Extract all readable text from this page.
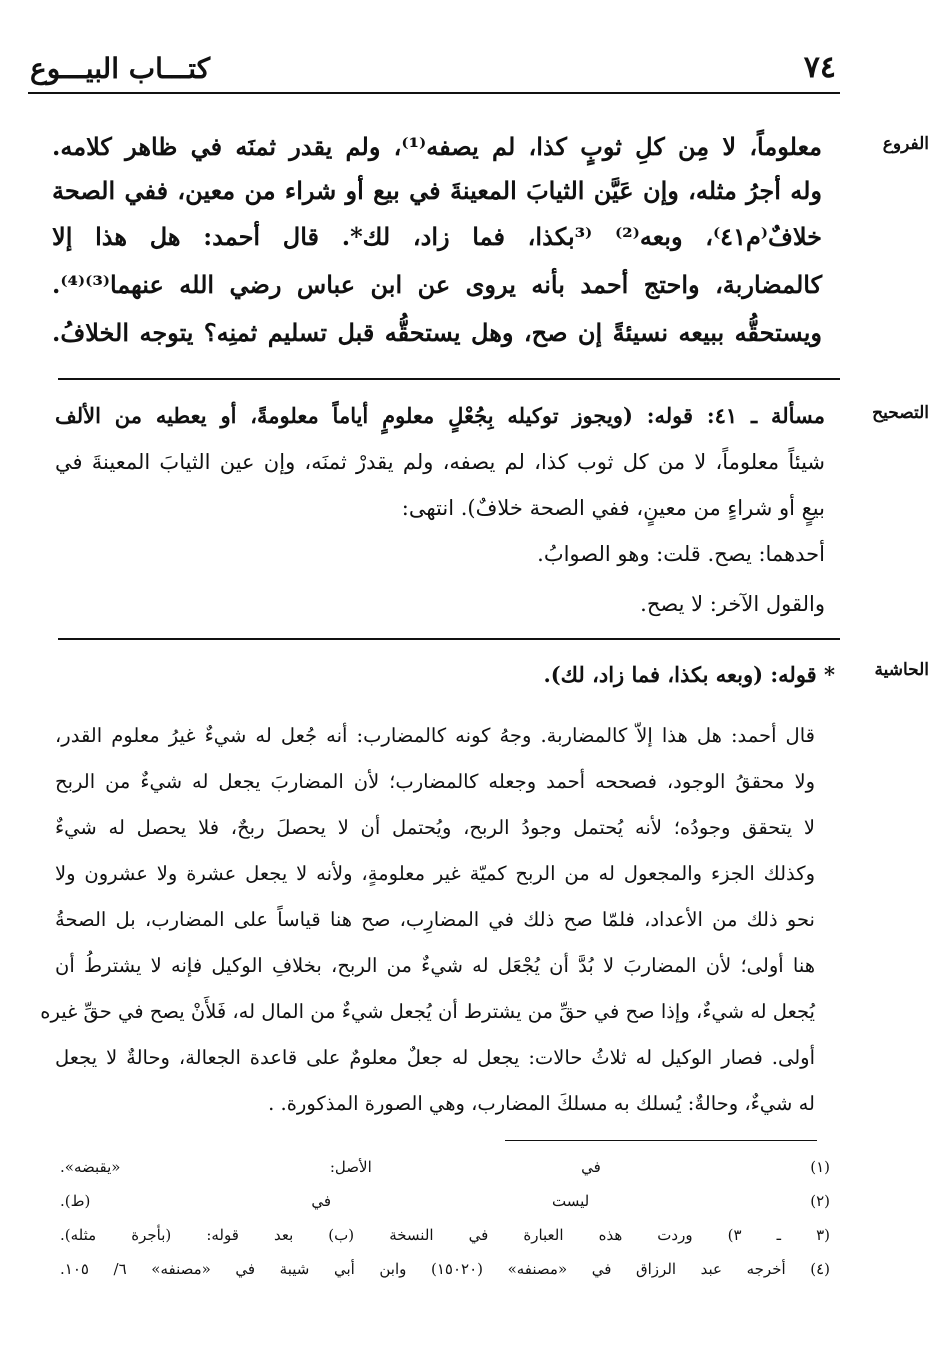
٧٤
كتـــاب البيـــوع
الفروع
معلوماً، لا مِن كلِ ثوبٍ كذا، لم يصفه⁽¹⁾، ولم يقدر ثمنَه في ظاهر كلامه.
وله أجرُ مثله، وإن عَيَّن الثيابَ المعينةَ في بيع أو شراء من معين، ففي الصحة
خلافٌ⁽م٤١⁾، وبعه⁽²⁾ ⁽³بكذا، فما زاد، لك*. قال أحمد: هل هذا إلا
كالمضاربة، واحتج أحمد بأنه يروى عن ابن عباس رضي الله عنهما⁽³⁾⁽⁴⁾.
ويستحقُّه ببيعه نسيئةً إن صح، وهل يستحقُّه قبل تسليم ثمنِه؟ يتوجه الخلافُ.
التصحيح
مسألة ـ ٤١: قوله: (ويجوز توكيله بِجُعْلٍ معلومٍ أياماً معلومةً، أو يعطيه من الألف
شيئاً معلوماً، لا من كل ثوب كذا، لم يصفه، ولم يقدرْ ثمنَه، وإن عين الثيابَ المعينةَ في
بيعٍ أو شراءٍ من معينٍ، ففي الصحة خلافٌ). انتهى:
أحدهما: يصح. قلت: وهو الصوابُ.
والقول الآخر: لا يصح.
الحاشية
* قوله: (وبعه بكذا، فما زاد، لك).
قال أحمد: هل هذا إلاّ كالمضاربة. وجهُ كونه كالمضارب: أنه جُعل له شيءٌ غيرُ معلوم القدر،
ولا محققُ الوجود، فصححه أحمد وجعله كالمضارب؛ لأن المضاربَ يجعل له شيءٌ من الربح
لا يتحقق وجودُه؛ لأنه يُحتمل وجودُ الربح، ويُحتمل أن لا يحصلَ ربحٌ، فلا يحصل له شيءٌ
وكذلك الجزء والمجعول له من الربح كميّة غير معلومةٍ، ولأنه لا يجعل عشرة ولا عشرون ولا
نحو ذلك من الأعداد، فلمّا صح ذلك في المضارِب، صح هنا قياساً على المضارب، بل الصحةُ
هنا أولى؛ لأن المضاربَ لا بُدَّ أن يُجْعَل له شيءٌ من الربح، بخلافِ الوكيل فإنه لا يشترطُ أن
يُجعل له شيءٌ، وإذا صح في حقِّ من يشترط أن يُجعل شيءٌ من المال له، فَلأَنْ يصح في حقِّ غيره
أولى. فصار الوكيل له ثلاثُ حالات: يجعل له جعلٌ معلومٌ على قاعدة الجعالة، وحالةٌ لا يجعل
له شيءٌ، وحالةٌ: يُسلك به مسلكَ المضارب، وهي الصورة المذكورة. .
(١) في الأصل: «يقبضه».
(٢) ليست في (ط).
(٣ ـ ٣) وردت هذه العبارة في النسخة (ب) بعد قوله: (بأجرة مثله).
(٤) أخرجه عبد الرزاق في «مصنفه» (١٥٠٢٠) وابن أبي شيبة في «مصنفه» ٦/ ١٠٥.
